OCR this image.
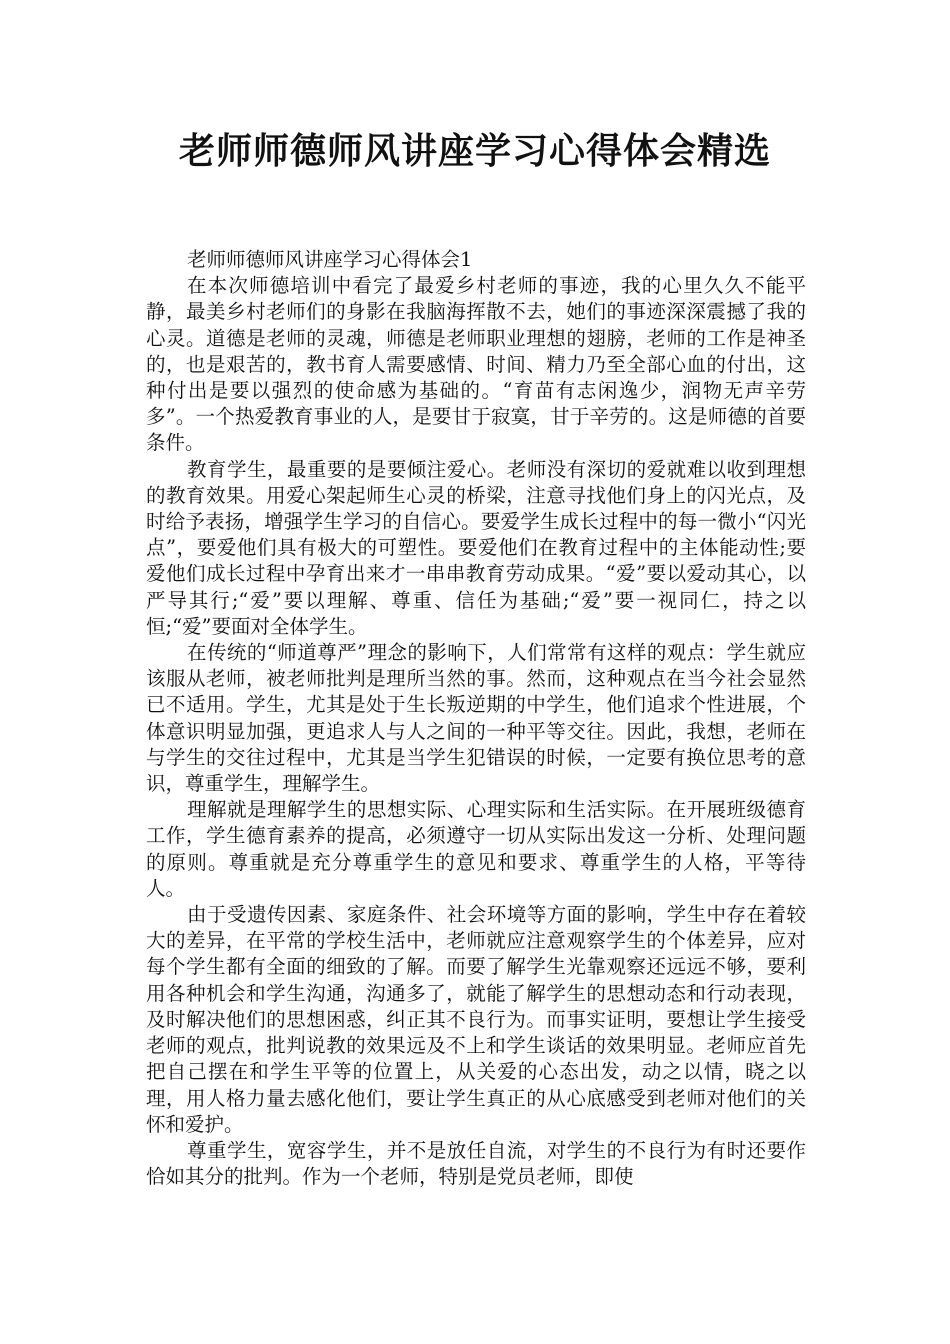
老师师德师风讲座学习心得体会精选
老师师德师风讲座学习心得体会1

在本次师德培训中看完了最爱乡村老师的事迹，我的心里久久不能平静，最美乡村老师们的身影在我脑海挥散不去，她们的事迹深深震撼了我的心灵。道德是老师的灵魂，师德是老师职业理想的翅膀，老师的工作是神圣的，也是艰苦的，教书育人需要感情、时间、精力乃至全部心血的付出，这种付出是要以强烈的使命感为基础的。“育苗有志闲逸少，润物无声辛劳多”。一个热爱教育事业的人，是要甘于寂寞，甘于辛劳的。这是师德的首要条件。

教育学生，最重要的是要倾注爱心。老师没有深切的爱就难以收到理想的教育效果。用爱心架起师生心灵的桥梁，注意寻找他们身上的闪光点，及时给予表扬，增强学生学习的自信心。要爱学生成长过程中的每一微小“闪光点”，要爱他们具有极大的可塑性。要爱他们在教育过程中的主体能动性;要爱他们成长过程中孕育出来才一串串教育劳动成果。“爱”要以爱动其心，以严导其行;“爱”要以理解、尊重、信任为基础;“爱”要一视同仁，持之以恒;“爱”要面对全体学生。

在传统的“师道尊严”理念的影响下，人们常常有这样的观点：学生就应该服从老师，被老师批判是理所当然的事。然而，这种观点在当今社会显然已不适用。学生，尤其是处于生长叛逆期的中学生，他们追求个性进展，个体意识明显加强，更追求人与人之间的一种平等交往。因此，我想，老师在与学生的交往过程中，尤其是当学生犯错误的时候，一定要有换位思考的意识，尊重学生，理解学生。

理解就是理解学生的思想实际、心理实际和生活实际。在开展班级德育工作，学生德育素养的提高，必须遵守一切从实际出发这一分析、处理问题的原则。尊重就是充分尊重学生的意见和要求、尊重学生的人格，平等待人。

由于受遗传因素、家庭条件、社会环境等方面的影响，学生中存在着较大的差异，在平常的学校生活中，老师就应注意观察学生的个体差异，应对每个学生都有全面的细致的了解。而要了解学生光靠观察还远远不够，要利用各种机会和学生沟通，沟通多了，就能了解学生的思想动态和行动表现，及时解决他们的思想困惑，纠正其不良行为。而事实证明，要想让学生接受老师的观点，批判说教的效果远及不上和学生谈话的效果明显。老师应首先把自己摆在和学生平等的位置上，从关爱的心态出发，动之以情，晓之以理，用人格力量去感化他们，要让学生真正的从心底感受到老师对他们的关怀和爱护。

尊重学生，宽容学生，并不是放任自流，对学生的不良行为有时还要作恰如其分的批判。作为一个老师，特别是党员老师，即使
